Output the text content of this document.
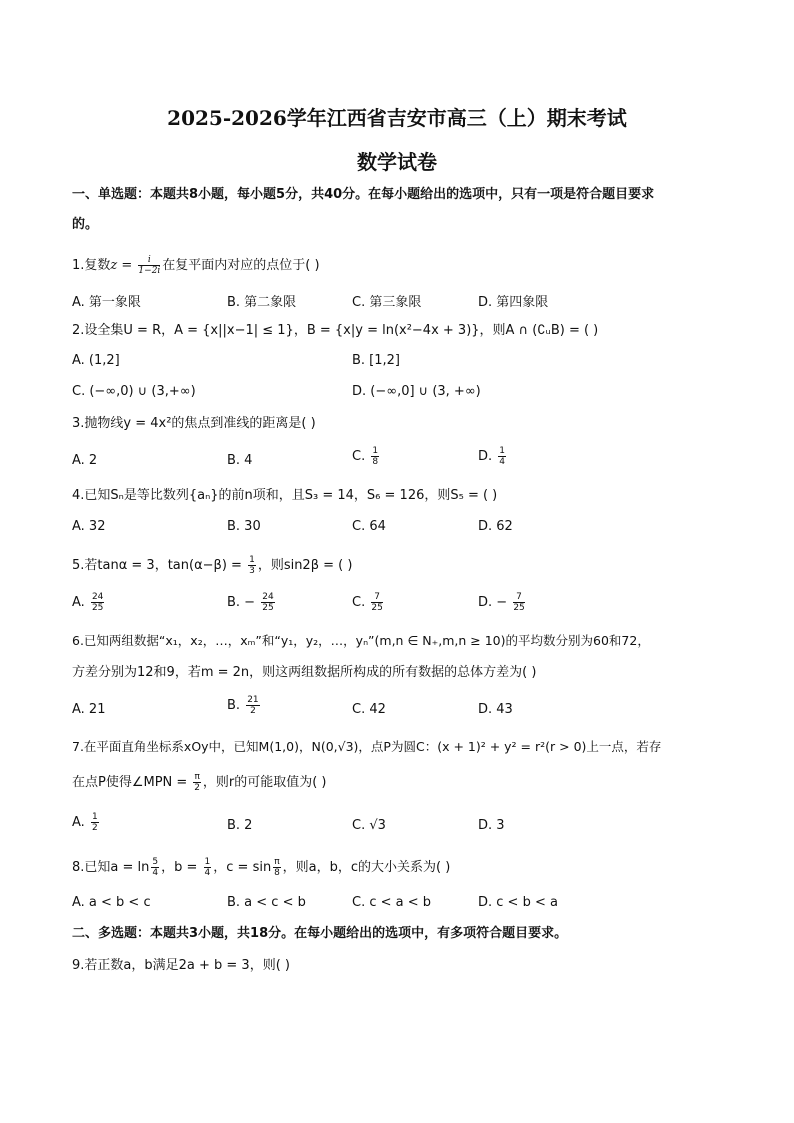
2025-2026学年江西省吉安市高三（上）期末考试
数学试卷
一、单选题：本题共8小题，每小题5分，共40分。在每小题给出的选项中，只有一项是符合题目要求
的。
1.复数$z = \frac{i}{1-2i}$ 在复平面内对应的点位于( )
A. 第一象限	B. 第二象限	C. 第三象限	D. 第四象限
2.设全集U = R，A = {x||x−1| ≤ 1}，B = {x|y = ln(x²−4x + 3)}，则A ∩ (∁ᵤB) = ( )
A. (1,2]	B. [1,2]
C. (−∞,0) ∪ (3,+∞)	D. (−∞,0] ∪ (3, +∞)
3.抛物线y = 4x²的焦点到准线的距离是( )
A. 2	B. 4	C. $\frac{1}{8}$	D. $\frac{1}{4}$
4.已知Sₙ是等比数列{aₙ}的前n项和，且S₃ = 14，S₆ = 126，则S₅ = ( )
A. 32	B. 30	C. 64	D. 62
5.若tanα = 3，$\tan(\alpha-\beta) = \frac{1}{3}$ ，则sin2β = ( )
A. $\frac{24}{25}$	B. − $\frac{24}{25}$	C. $\frac{7}{25}$	D. − $\frac{7}{25}$
6.已知两组数据“x₁，x₂，…，xₘ”和“y₁，y₂，…，yₙ”(m,n ∈ N₊,m,n ≥ 10)的平均数分别为60和72，
方差分别为12和9，若m = 2n，则这两组数据所构成的所有数据的总体方差为( )
A. 21	B. $\frac{21}{2}$	C. 42	D. 43
7.在平面直角坐标系xOy中，已知M(1,0)，N(0,√3)，点P为圆C：(x + 1)² + y² = r²(r > 0)上一点，若存
在点P使得∠MPN = $\frac{\pi}{2}$ ，则r的可能取值为( )
A. $\frac{1}{2}$	B. 2	C. √3	D. 3
8.已知$a = \ln \frac{5}{4}$ ，$b = \frac{1}{4}$ ，$c = \sin \frac{\pi}{8}$ ，则a，b，c的大小关系为( )
A. a < b < c	B. a < c < b	C. c < a < b	D. c < b < a
二、多选题：本题共3小题，共18分。在每小题给出的选项中，有多项符合题目要求。
9.若正数a，b满足2a + b = 3，则( )
